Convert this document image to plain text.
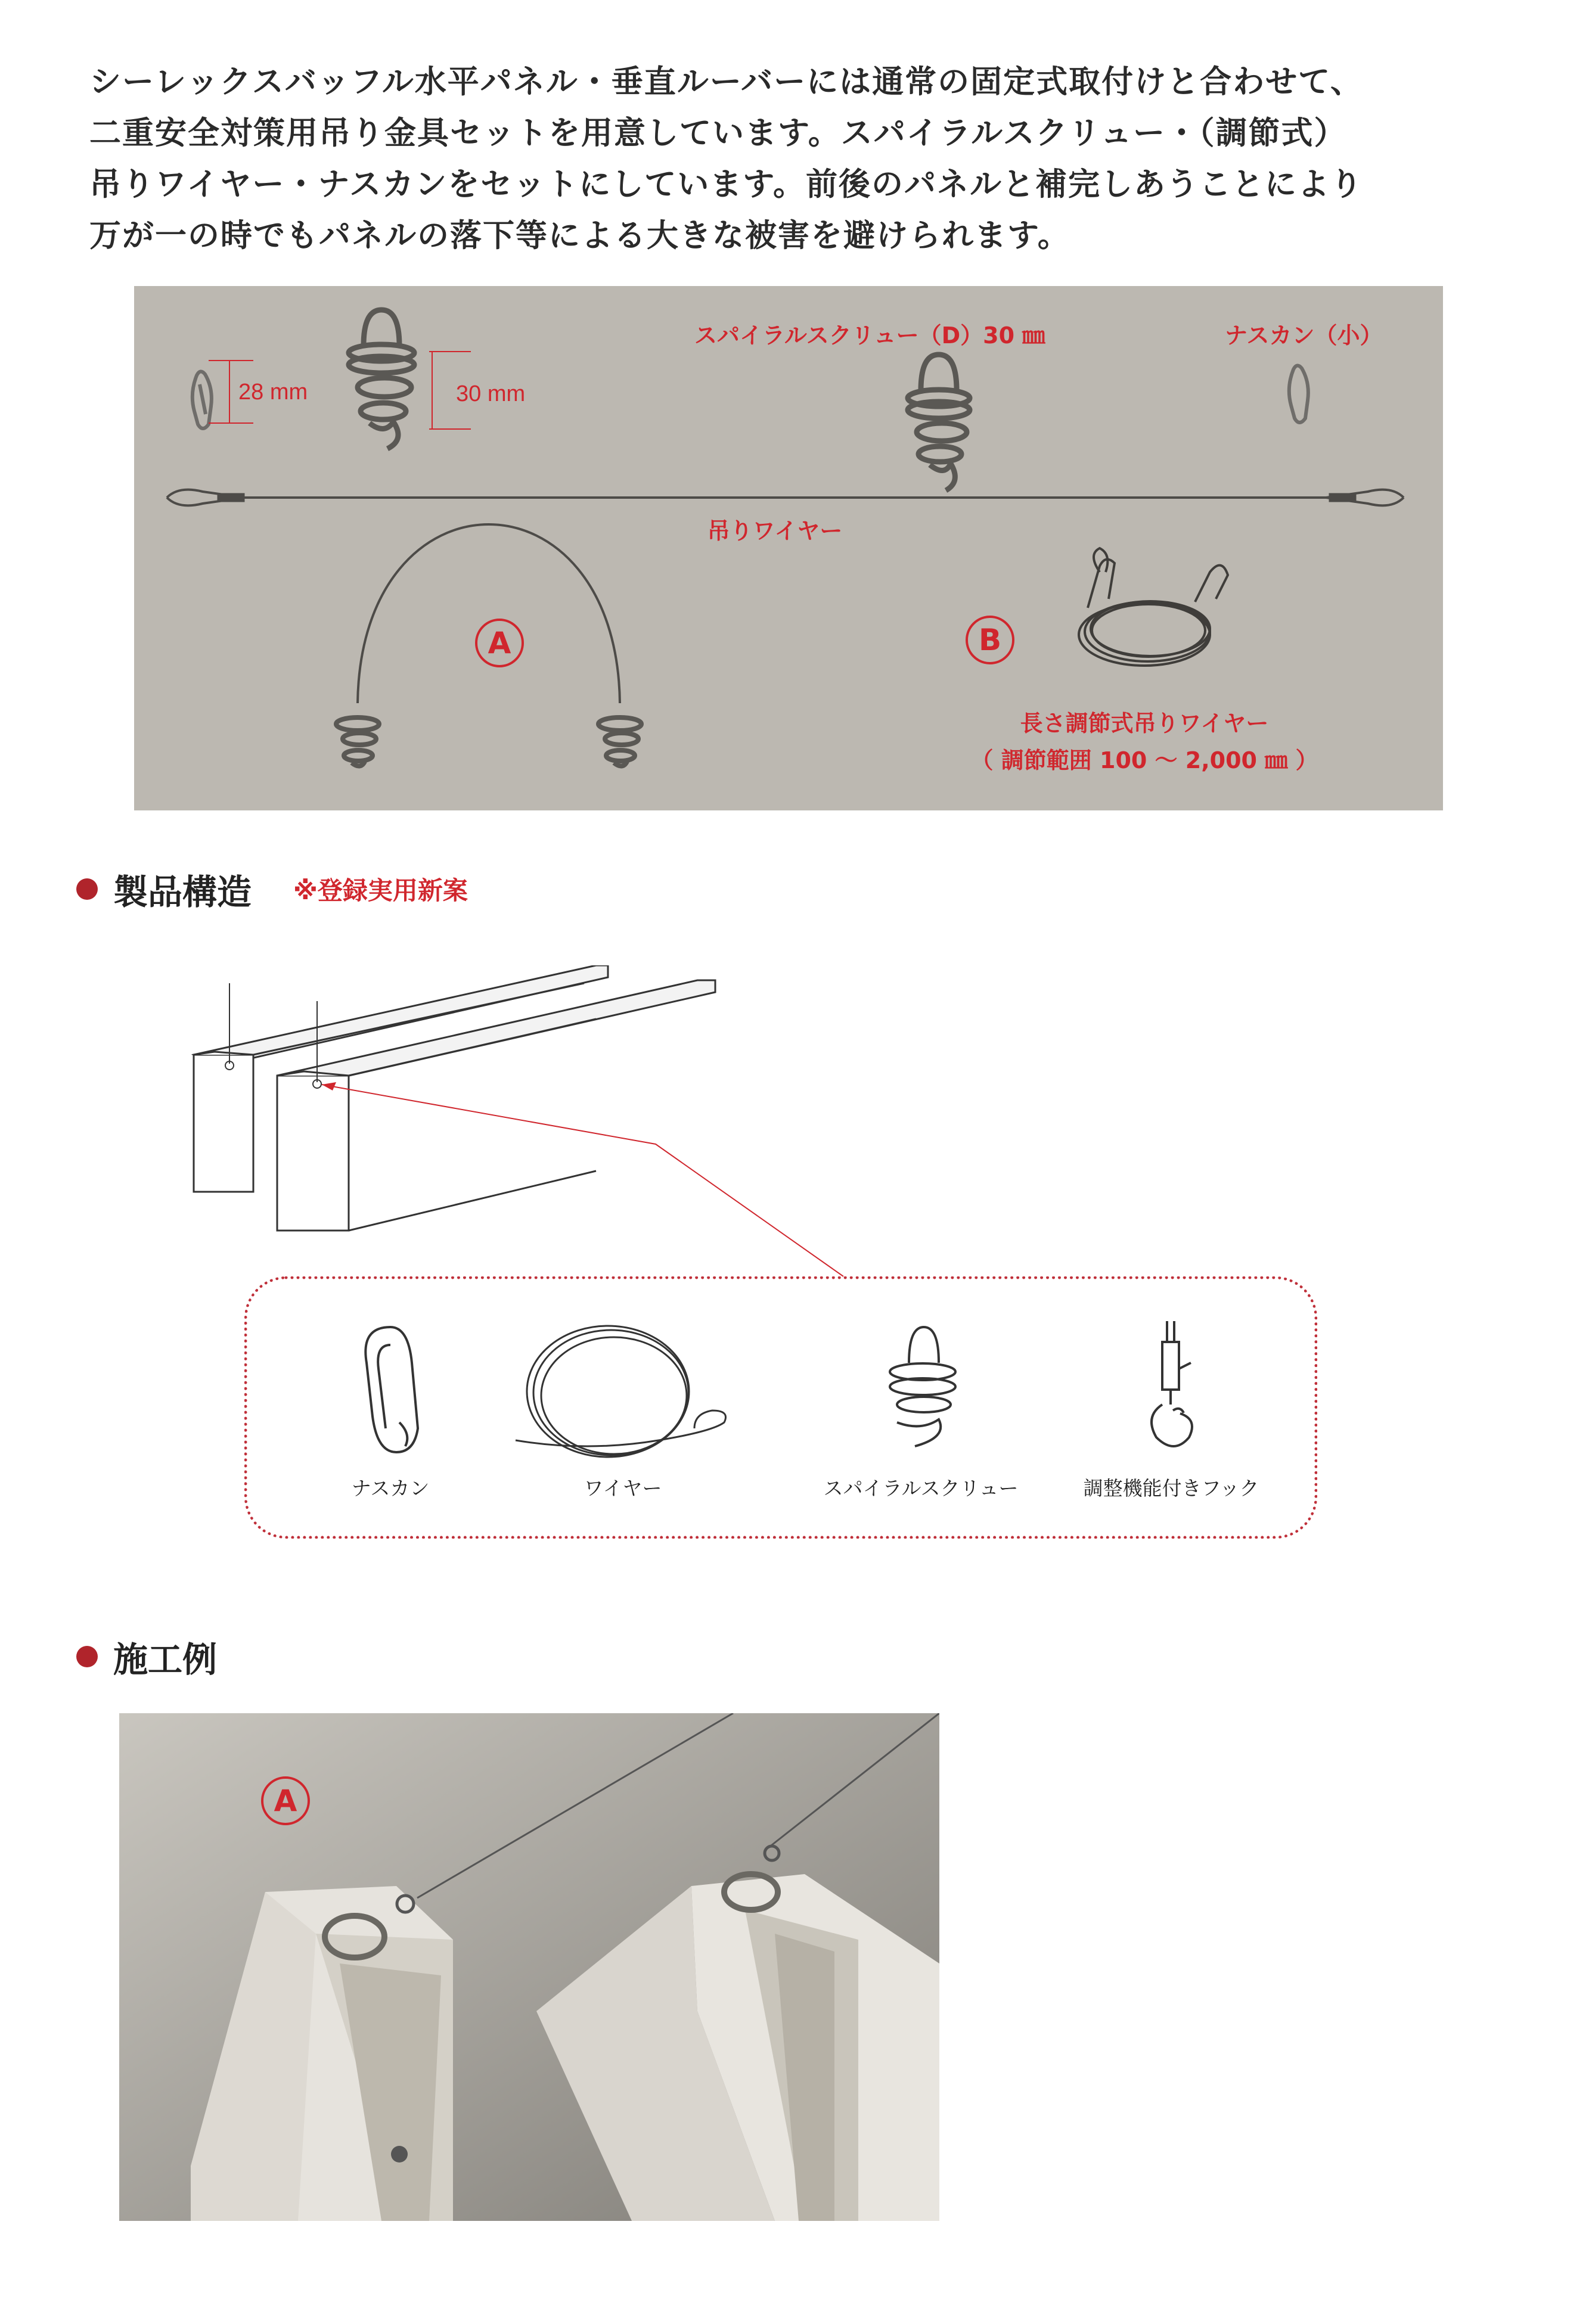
シーレックスバッフル水平パネル・垂直ルーバーには通常の固定式取付けと合わせて、
二重安全対策用吊り金具セットを用意しています。スパイラルスクリュー・（調節式）
吊りワイヤー・ナスカンをセットにしています。前後のパネルと補完しあうことにより
万が一の時でもパネルの落下等による大きな被害を避けられます。
28 mm	30 mm
スパイラルスクリュー（D）30 ㎜	ナスカン（小）
吊りワイヤー
A	B
長さ調節式吊りワイヤー
（ 調節範囲 100 ～ 2,000 ㎜ ）
製品構造 ※登録実用新案
ナスカン	ワイヤー	スパイラルスクリュー	調整機能付きフック
施工例
A
